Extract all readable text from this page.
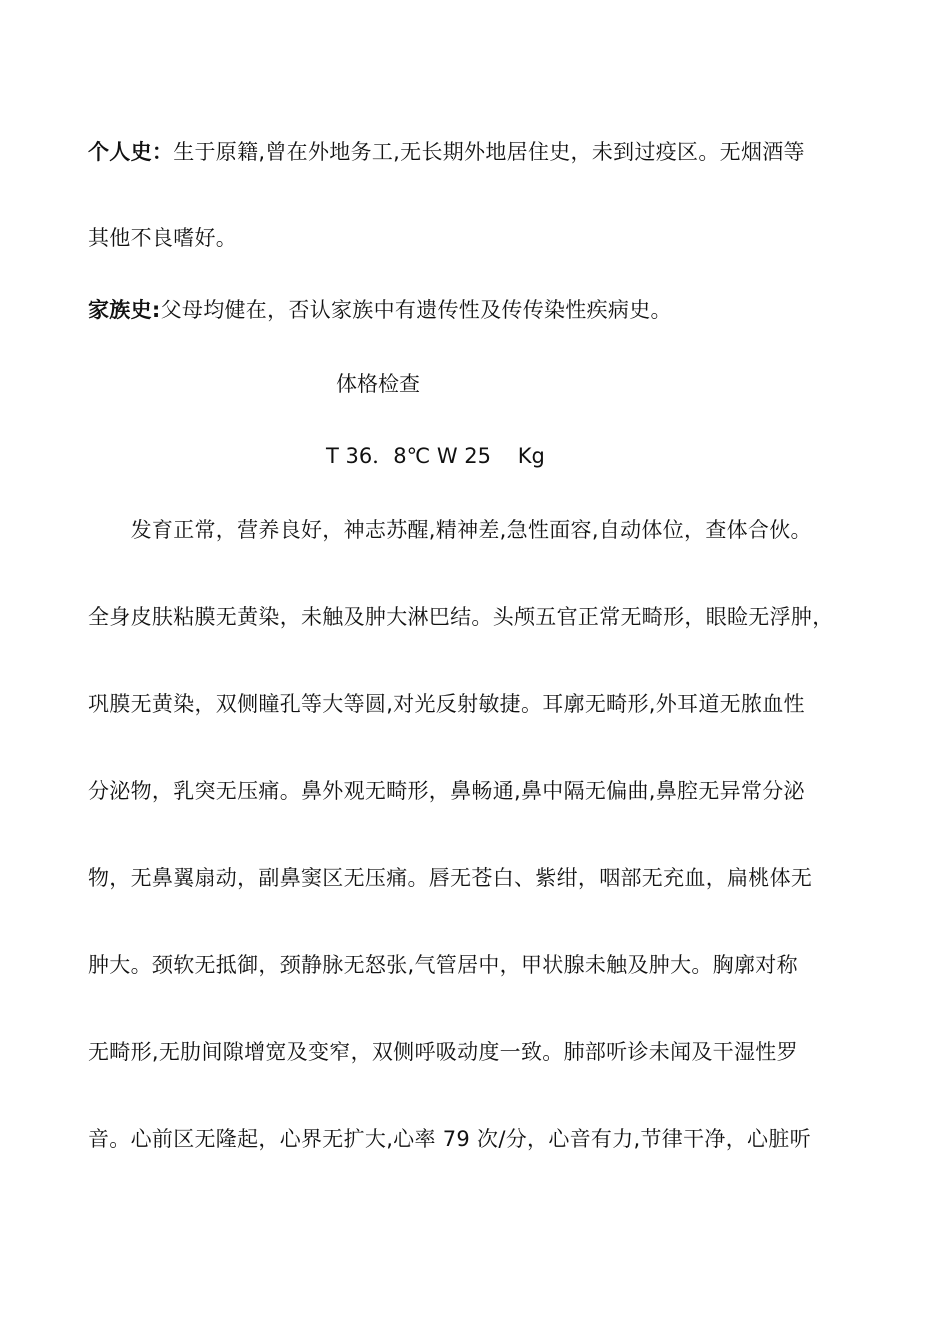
个人史：生于原籍,曾在外地务工,无长期外地居住史，未到过疫区。无烟酒等
其他不良嗜好。
家族史:父母均健在，否认家族中有遗传性及传传染性疾病史。
体格检查
T 36．8℃ W 25    Kg
　　发育正常，营养良好，神志苏醒,精神差,急性面容,自动体位，查体合伙。
全身皮肤粘膜无黄染，未触及肿大淋巴结。头颅五官正常无畸形，眼睑无浮肿，
巩膜无黄染，双侧瞳孔等大等圆,对光反射敏捷。耳廓无畸形,外耳道无脓血性
分泌物，乳突无压痛。鼻外观无畸形，鼻畅通,鼻中隔无偏曲,鼻腔无异常分泌
物，无鼻翼扇动，副鼻窦区无压痛。唇无苍白、紫绀，咽部无充血，扁桃体无
肿大。颈软无抵御，颈静脉无怒张,气管居中，甲状腺未触及肿大。胸廓对称
无畸形,无肋间隙增宽及变窄，双侧呼吸动度一致。肺部听诊未闻及干湿性罗
音。心前区无隆起，心界无扩大,心率 79 次/分，心音有力,节律干净，心脏听
